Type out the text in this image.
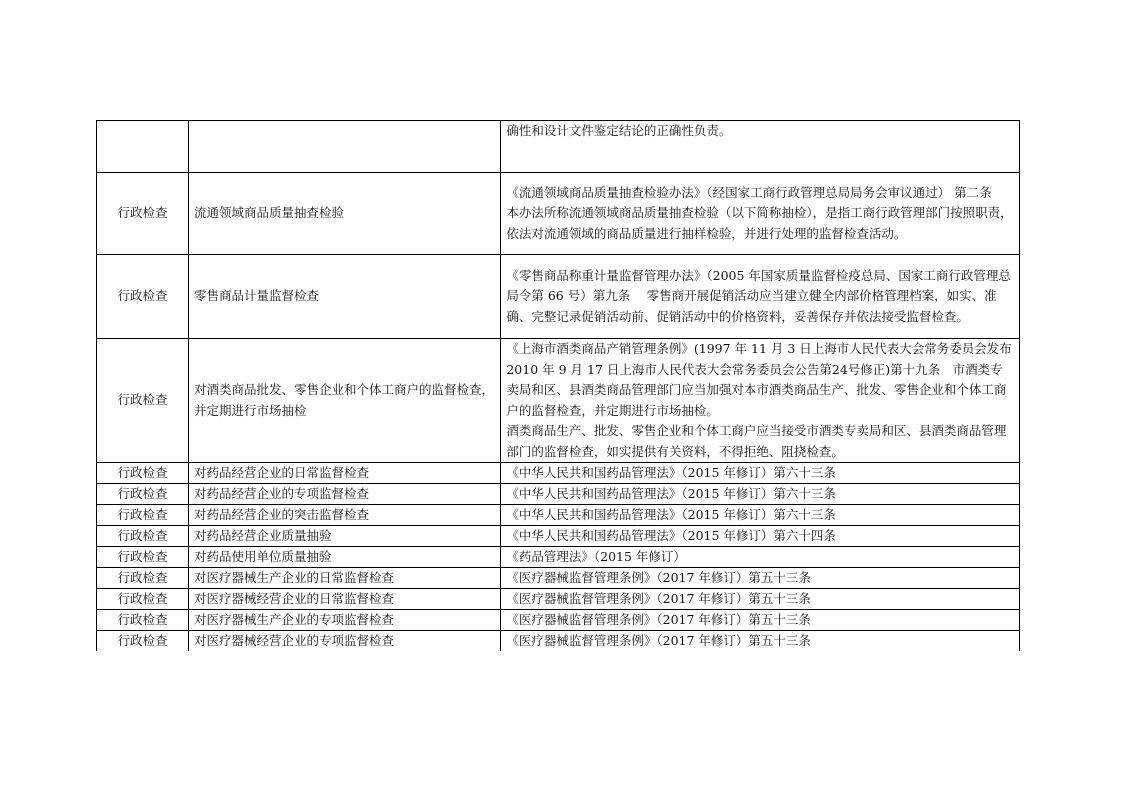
		确性和设计文件鉴定结论的正确性负责。

行政检查	流通领域商品质量抽查检验	《流通领域商品质量抽查检验办法》（经国家工商行政管理总局局务会审议通过） 第二条　本办法所称流通领域商品质量抽查检验（以下简称抽检），是指工商行政管理部门按照职责，依法对流通领域的商品质量进行抽样检验，并进行处理的监督检查活动。

行政检查	零售商品计量监督检查	《零售商品称重计量监督管理办法》（2005 年国家质量监督检疫总局、国家工商行政管理总局令第 66 号）第九条　 零售商开展促销活动应当建立健全内部价格管理档案，如实、准确、完整记录促销活动前、促销活动中的价格资料，妥善保存并依法接受监督检查。

行政检查	对酒类商品批发、零售企业和个体工商户的监督检查，并定期进行市场抽检	《上海市酒类商品产销管理条例》(1997 年 11 月 3 日上海市人民代表大会常务委员会发布 2010 年 9 月 17 日上海市人民代表大会常务委员会公告第24号修正)第十九条　市酒类专卖局和区、县酒类商品管理部门应当加强对本市酒类商品生产、批发、零售企业和个体工商户的监督检查，并定期进行市场抽检。
酒类商品生产、批发、零售企业和个体工商户应当接受市酒类专卖局和区、县酒类商品管理部门的监督检查，如实提供有关资料，不得拒绝、阻挠检查。

行政检查	对药品经营企业的日常监督检查	《中华人民共和国药品管理法》（2015 年修订）第六十三条
行政检查	对药品经营企业的专项监督检查	《中华人民共和国药品管理法》（2015 年修订）第六十三条
行政检查	对药品经营企业的突击监督检查	《中华人民共和国药品管理法》（2015 年修订）第六十三条
行政检查	对药品经营企业质量抽验	《中华人民共和国药品管理法》（2015 年修订）第六十四条
行政检查	对药品使用单位质量抽验	《药品管理法》（2015 年修订）
行政检查	对医疗器械生产企业的日常监督检查	《医疗器械监督管理条例》（2017 年修订）第五十三条
行政检查	对医疗器械经营企业的日常监督检查	《医疗器械监督管理条例》（2017 年修订）第五十三条
行政检查	对医疗器械生产企业的专项监督检查	《医疗器械监督管理条例》（2017 年修订）第五十三条
行政检查	对医疗器械经营企业的专项监督检查	《医疗器械监督管理条例》（2017 年修订）第五十三条
